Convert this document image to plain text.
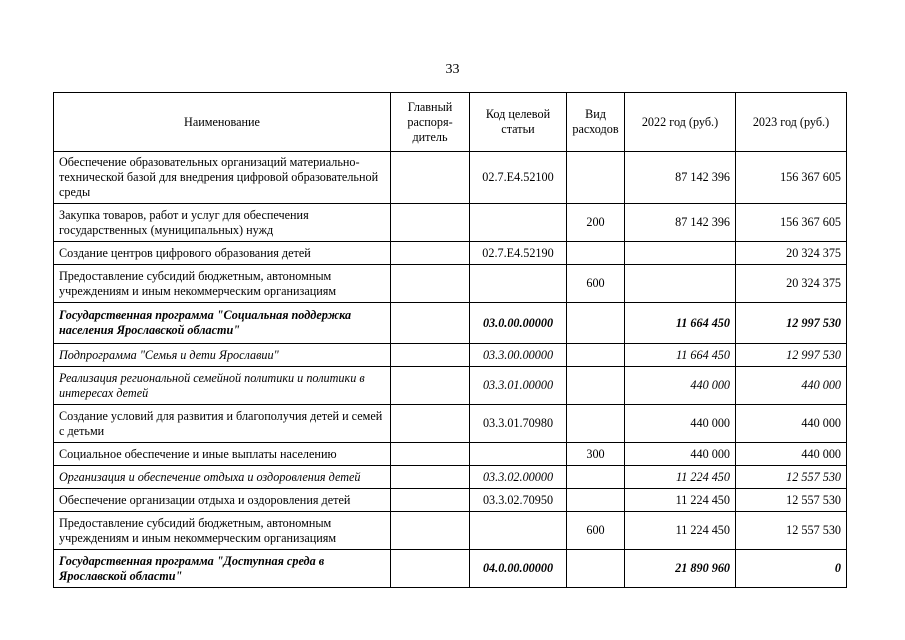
33
Наименование	Главный распоря-дитель	Код целевой статьи	Вид расходов	2022 год (руб.)	2023 год (руб.)
Обеспечение образовательных организаций материально-технической базой для внедрения цифровой образовательной среды		02.7.E4.52100		87 142 396	156 367 605
Закупка товаров, работ и услуг для обеспечения государственных (муниципальных) нужд			200	87 142 396	156 367 605
Создание центров цифрового образования детей		02.7.E4.52190			20 324 375
Предоставление субсидий бюджетным, автономным учреждениям и иным некоммерческим организациям			600		20 324 375
Государственная программа "Социальная поддержка населения Ярославской области"		03.0.00.00000		11 664 450	12 997 530
Подпрограмма "Семья и дети Ярославии"		03.3.00.00000		11 664 450	12 997 530
Реализация региональной семейной политики и политики в интересах детей		03.3.01.00000		440 000	440 000
Создание условий для развития и благополучия детей и семей с детьми		03.3.01.70980		440 000	440 000
Социальное обеспечение и иные выплаты населению			300	440 000	440 000
Организация и обеспечение отдыха и оздоровления детей		03.3.02.00000		11 224 450	12 557 530
Обеспечение организации отдыха и оздоровления детей		03.3.02.70950		11 224 450	12 557 530
Предоставление субсидий бюджетным, автономным учреждениям и иным некоммерческим организациям			600	11 224 450	12 557 530
Государственная программа "Доступная среда в Ярославской области"		04.0.00.00000		21 890 960	0
